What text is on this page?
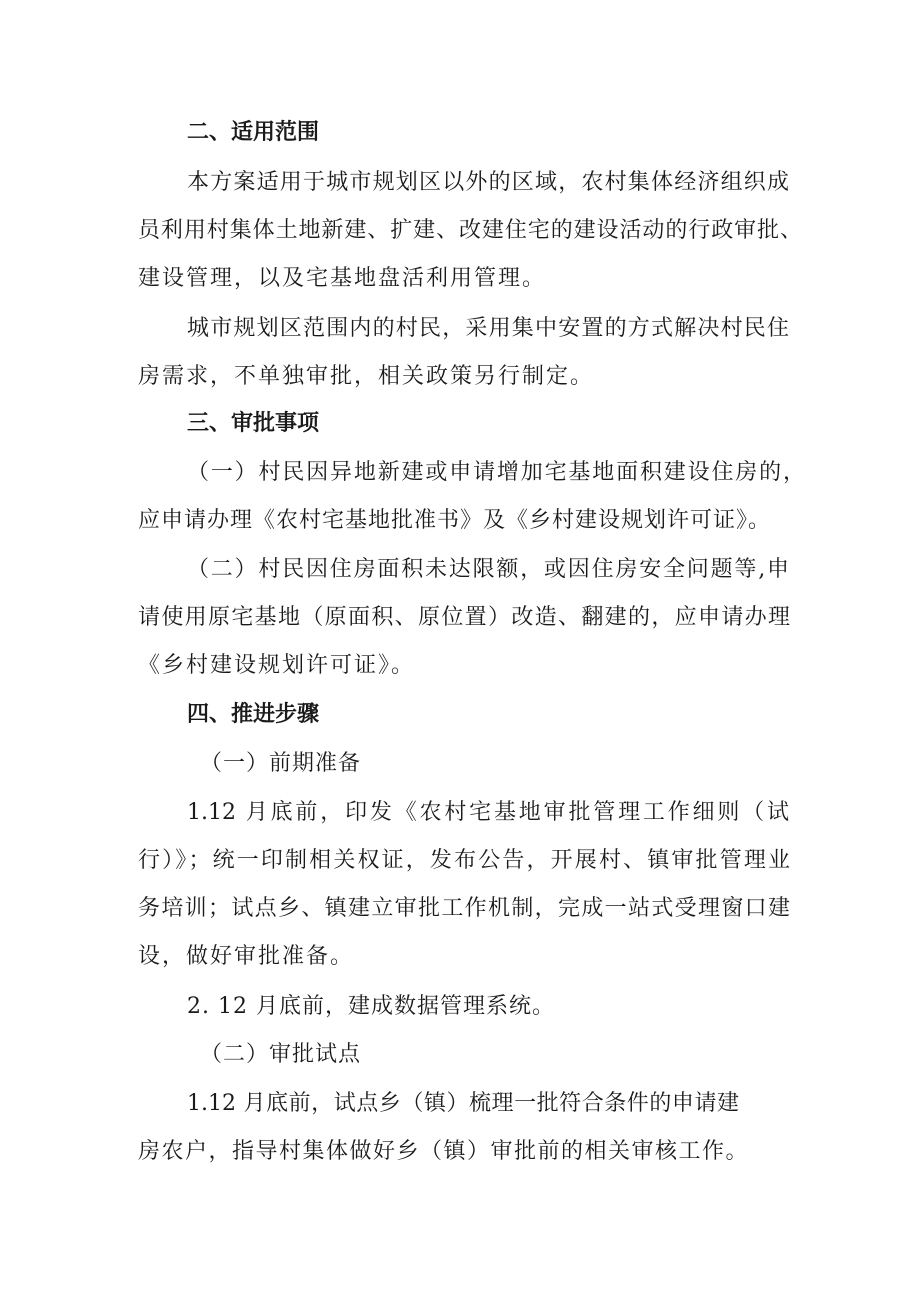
二、适用范围
本方案适用于城市规划区以外的区域，农村集体经济组织成
员利用村集体土地新建、扩建、改建住宅的建设活动的行政审批、
建设管理，以及宅基地盘活利用管理。
城市规划区范围内的村民，采用集中安置的方式解决村民住
房需求，不单独审批，相关政策另行制定。
三、审批事项
（一）村民因异地新建或申请增加宅基地面积建设住房的，
应申请办理《农村宅基地批准书》及《乡村建设规划许可证》。
（二）村民因住房面积未达限额，或因住房安全问题等,申
请使用原宅基地（原面积、原位置）改造、翻建的，应申请办理
《乡村建设规划许可证》。
四、推进步骤
（一）前期准备
1.12 月底前，印发《农村宅基地审批管理工作细则（试
行）》；统一印制相关权证，发布公告，开展村、镇审批管理业
务培训；试点乡、镇建立审批工作机制，完成一站式受理窗口建
设，做好审批准备。
2. 12 月底前，建成数据管理系统。
（二）审批试点
1.12 月底前，试点乡（镇）梳理一批符合条件的申请建
房农户，指导村集体做好乡（镇）审批前的相关审核工作。
